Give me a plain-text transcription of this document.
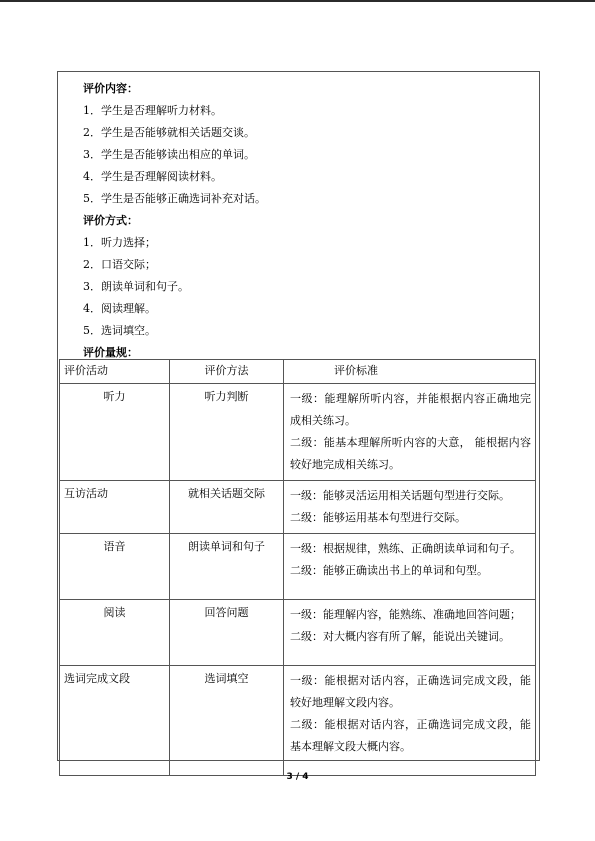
评价内容：
1．学生是否理解听力材料。
2．学生是否能够就相关话题交谈。
3．学生是否能够读出相应的单词。
4．学生是否理解阅读材料。
5．学生是否能够正确选词补充对话。
评价方式：
1．听力选择；
2．口语交际；
3．朗读单词和句子。
4．阅读理解。
5．选词填空。
评价量规：
评价活动	评价方法	评价标准
听力	听力判断	一级：能理解所听内容，并能根据内容正确地完成相关练习。
二级：能基本理解所听内容的大意， 能根据内容较好地完成相关练习。

互访活动	就相关话题交际	一级：能够灵活运用相关话题句型进行交际。
二级：能够运用基本句型进行交际。

语音	朗读单词和句子	一级：根据规律，熟练、正确朗读单词和句子。
二级：能够正确读出书上的单词和句型。

阅读	回答问题	一级：能理解内容，能熟练、准确地回答问题；
二级：对大概内容有所了解，能说出关键词。

选词完成文段	选词填空	一级：能根据对话内容，正确选词完成文段，能较好地理解文段内容。
二级：能根据对话内容，正确选词完成文段，能基本理解文段大概内容。
3 / 4
